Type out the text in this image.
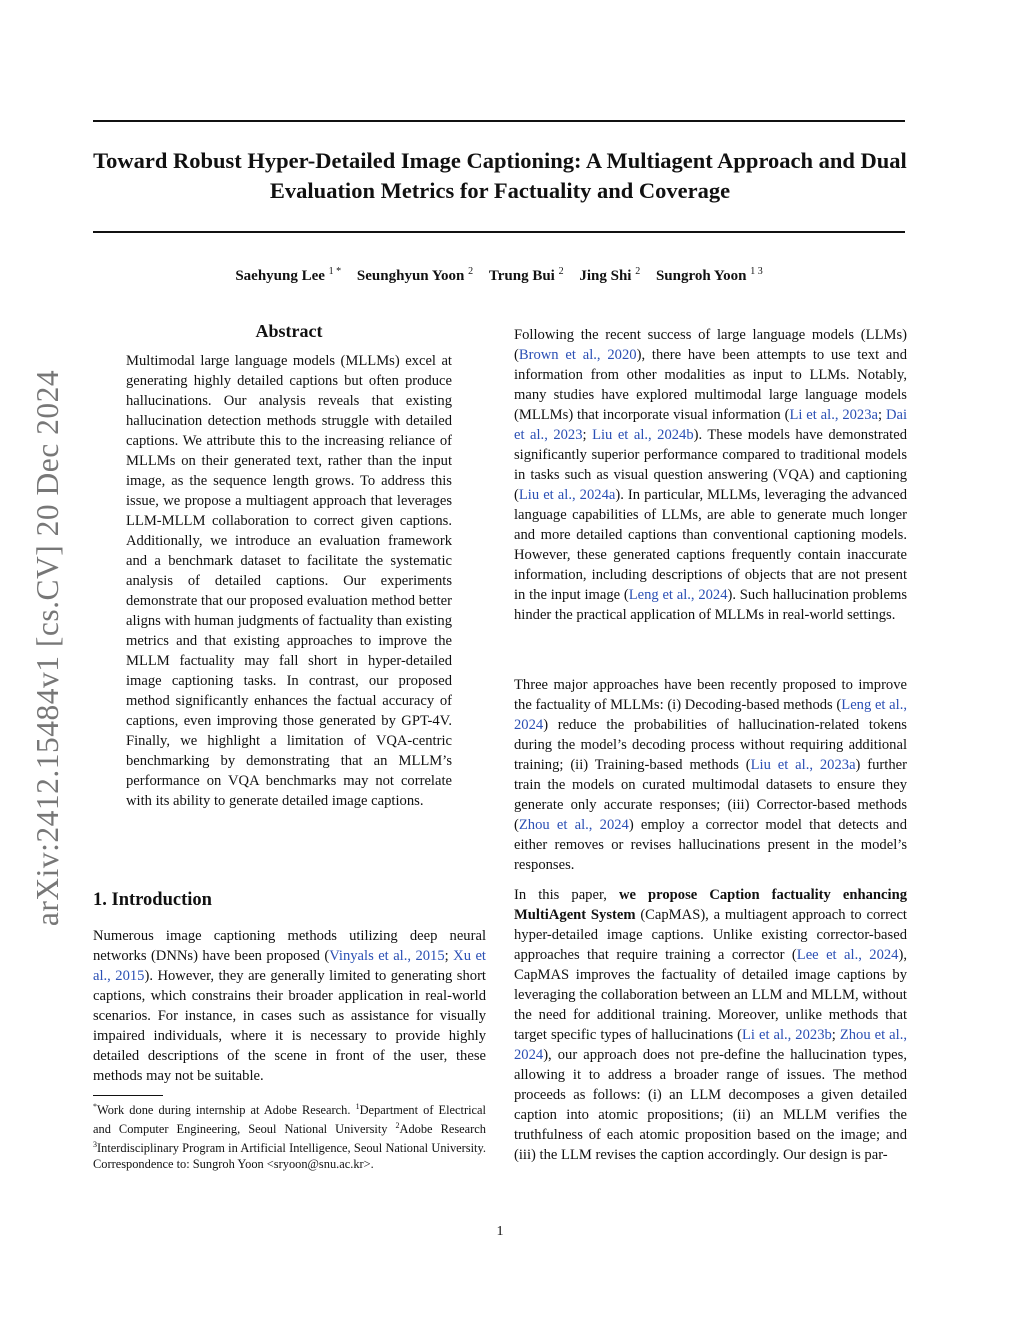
Toward Robust Hyper-Detailed Image Captioning: A Multiagent Approach and Dual Evaluation Metrics for Factuality and Coverage
Saehyung Lee $^{1 *}$ Seunghyun Yoon $^2$ Trung Bui $^2$ Jing Shi $^2$ Sungroh Yoon $^{1 3}$
arXiv:2412.15484v1 [cs.CV] 20 Dec 2024
Abstract

Multimodal large language models (MLLMs) excel at generating highly detailed captions but often produce hallucinations. Our analysis reveals that existing hallucination detection methods struggle with detailed captions. We attribute this to the increasing reliance of MLLMs on their generated text, rather than the input image, as the sequence length grows. To address this issue, we propose a multiagent approach that leverages LLM-MLLM collaboration to correct given captions. Additionally, we introduce an evaluation framework and a benchmark dataset to facilitate the systematic analysis of detailed captions. Our experiments demonstrate that our proposed evaluation method better aligns with human judgments of factuality than existing metrics and that existing approaches to improve the MLLM factuality may fall short in hyper-detailed image captioning tasks. In contrast, our proposed method significantly enhances the factual accuracy of captions, even improving those generated by GPT-4V. Finally, we highlight a limitation of VQA-centric benchmarking by demonstrating that an MLLM’s performance on VQA benchmarks may not correlate with its ability to generate detailed image captions.

1. Introduction

Numerous image captioning methods utilizing deep neural networks (DNNs) have been proposed (Vinyals et al., 2015; Xu et al., 2015). However, they are generally limited to generating short captions, which constrains their broader application in real-world scenarios. For instance, in cases such as assistance for visually impaired individuals, where it is necessary to provide highly detailed descriptions of the scene in front of the user, these methods may not be suitable.

*Work done during internship at Adobe Research. $^1$Department of Electrical and Computer Engineering, Seoul National University $^2$Adobe Research $^3$Interdisciplinary Program in Artificial Intelligence, Seoul National University. Correspondence to: Sungroh Yoon <sryoon@snu.ac.kr>.

Following the recent success of large language models (LLMs) (Brown et al., 2020), there have been attempts to use text and information from other modalities as input to LLMs. Notably, many studies have explored multimodal large language models (MLLMs) that incorporate visual information (Li et al., 2023a; Dai et al., 2023; Liu et al., 2024b). These models have demonstrated significantly superior performance compared to traditional models in tasks such as visual question answering (VQA) and captioning (Liu et al., 2024a). In particular, MLLMs, leveraging the advanced language capabilities of LLMs, are able to generate much longer and more detailed captions than conventional captioning models. However, these generated captions frequently contain inaccurate information, including descriptions of objects that are not present in the input image (Leng et al., 2024). Such hallucination problems hinder the practical application of MLLMs in real-world settings.

Three major approaches have been recently proposed to improve the factuality of MLLMs: (i) Decoding-based methods (Leng et al., 2024) reduce the probabilities of hallucination-related tokens during the model’s decoding process without requiring additional training; (ii) Training-based methods (Liu et al., 2023a) further train the models on curated multimodal datasets to ensure they generate only accurate responses; (iii) Corrector-based methods (Zhou et al., 2024) employ a corrector model that detects and either removes or revises hallucinations present in the model’s responses.

In this paper, we propose Caption factuality enhancing MultiAgent System (CapMAS), a multiagent approach to correct hyper-detailed image captions. Unlike existing corrector-based approaches that require training a corrector (Lee et al., 2024), CapMAS improves the factuality of detailed image captions by leveraging the collaboration between an LLM and MLLM, without the need for additional training. Moreover, unlike methods that target specific types of hallucinations (Li et al., 2023b; Zhou et al., 2024), our approach does not pre-define the hallucination types, allowing it to address a broader range of issues. The method proceeds as follows: (i) an LLM decomposes a given detailed caption into atomic propositions; (ii) an MLLM verifies the truthfulness of each atomic proposition based on the image; and (iii) the LLM revises the caption accordingly. Our design is par-

1
